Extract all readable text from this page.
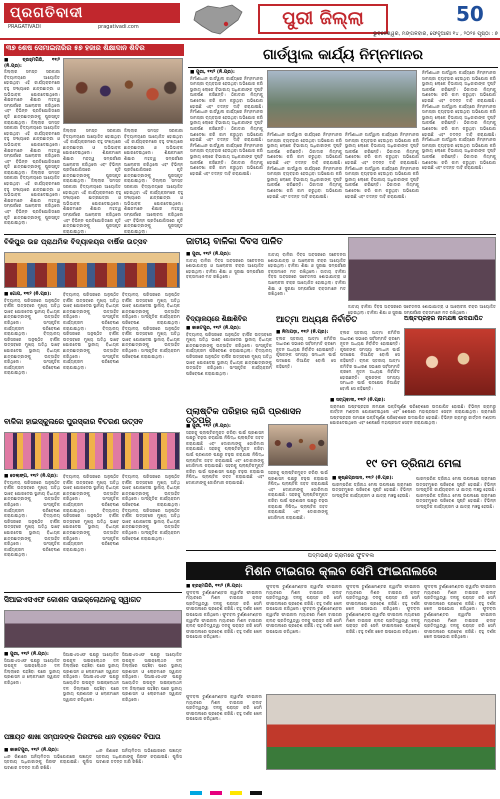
ପ୍ରଗତିବାଦୀ
PRAGATIVADI	pragativadi.com	ପୁରୀ ଜିଲ୍ଲା	50
ଭୁବନେଶ୍ୱର, ମଙ୍ଗଳବାର, ଫେବୃଆରୀ ୧୪ , ୨୦୨୫ ପୃଷ୍ଠା : ୭
୩୭ ଶେଷ ସେମାଇନାରିର ୫୭ ହଜାର ଶିକ୍ଷାଦାନ ଶିବିର
■ ବ୍ରହ୍ମଗିରି, ୧୧ା୨ (ନି.ପ୍ର):
ଜିଲ୍ଲାର ସମସ୍ତ ସରକାରୀ ବିଦ୍ୟାଳୟରେ ଆୟୋଜିତ ହୋଇଥିବା ଏହି କାର୍ଯ୍ୟକ୍ରମରେ ବହୁ ସଂଖ୍ୟାରେ ଛାତ୍ରଛାତ୍ରୀ ଓ ଅଭିଭାବକ ଯୋଗଦେଇଥିଲେ। ଶିକ୍ଷକମାନେ ଶିକ୍ଷାର ମହତ୍ୱ ସମ୍ପର୍କରେ ଆଲୋଚନା କରିଥିଲେ ଏବଂ ବିଭିନ୍ନ ପ୍ରତିଯୋଗିତାରେ କୃତି ଛାତ୍ରଛାତ୍ରୀଙ୍କୁ ପୁରସ୍କୃତ କରାଯାଇଥିଲା। ଜିଲ୍ଲାର ସମସ୍ତ ସରକାରୀ ବିଦ୍ୟାଳୟରେ ଆୟୋଜିତ ହୋଇଥିବା ଏହି କାର୍ଯ୍ୟକ୍ରମରେ ବହୁ ସଂଖ୍ୟାରେ ଛାତ୍ରଛାତ୍ରୀ ଓ ଅଭିଭାବକ ଯୋଗଦେଇଥିଲେ। ଶିକ୍ଷକମାନେ ଶିକ୍ଷାର ମହତ୍ୱ ସମ୍ପର୍କରେ ଆଲୋଚନା କରିଥିଲେ ଏବଂ ବିଭିନ୍ନ ପ୍ରତିଯୋଗିତାରେ କୃତି ଛାତ୍ରଛାତ୍ରୀଙ୍କୁ ପୁରସ୍କୃତ କରାଯାଇଥିଲା। ଜିଲ୍ଲାର ସମସ୍ତ ସରକାରୀ ବିଦ୍ୟାଳୟରେ ଆୟୋଜିତ ହୋଇଥିବା ଏହି କାର୍ଯ୍ୟକ୍ରମରେ ବହୁ ସଂଖ୍ୟାରେ ଛାତ୍ରଛାତ୍ରୀ ଓ ଅଭିଭାବକ ଯୋଗଦେଇଥିଲେ। ଶିକ୍ଷକମାନେ ଶିକ୍ଷାର ମହତ୍ୱ ସମ୍ପର୍କରେ ଆଲୋଚନା କରିଥିଲେ ଏବଂ ବିଭିନ୍ନ ପ୍ରତିଯୋଗିତାରେ କୃତି ଛାତ୍ରଛାତ୍ରୀଙ୍କୁ ପୁରସ୍କୃତ କରାଯାଇଥିଲା।
ଜିଲ୍ଲାର ସମସ୍ତ ସରକାରୀ ବିଦ୍ୟାଳୟରେ ଆୟୋଜିତ ହୋଇଥିବା ଏହି କାର୍ଯ୍ୟକ୍ରମରେ ବହୁ ସଂଖ୍ୟାରେ ଛାତ୍ରଛାତ୍ରୀ ଓ ଅଭିଭାବକ ଯୋଗଦେଇଥିଲେ। ଶିକ୍ଷକମାନେ ଶିକ୍ଷାର ମହତ୍ୱ ସମ୍ପର୍କରେ ଆଲୋଚନା କରିଥିଲେ ଏବଂ ବିଭିନ୍ନ ପ୍ରତିଯୋଗିତାରେ କୃତି ଛାତ୍ରଛାତ୍ରୀଙ୍କୁ ପୁରସ୍କୃତ କରାଯାଇଥିଲା। ଜିଲ୍ଲାର ସମସ୍ତ ସରକାରୀ ବିଦ୍ୟାଳୟରେ ଆୟୋଜିତ ହୋଇଥିବା ଏହି କାର୍ଯ୍ୟକ୍ରମରେ ବହୁ ସଂଖ୍ୟାରେ ଛାତ୍ରଛାତ୍ରୀ ଓ ଅଭିଭାବକ ଯୋଗଦେଇଥିଲେ। ଶିକ୍ଷକମାନେ ଶିକ୍ଷାର ମହତ୍ୱ ସମ୍ପର୍କରେ ଆଲୋଚନା କରିଥିଲେ ଏବଂ ବିଭିନ୍ନ ପ୍ରତିଯୋଗିତାରେ କୃତି ଛାତ୍ରଛାତ୍ରୀଙ୍କୁ ପୁରସ୍କୃତ କରାଯାଇଥିଲା।
ଜିଲ୍ଲାର ସମସ୍ତ ସରକାରୀ ବିଦ୍ୟାଳୟରେ ଆୟୋଜିତ ହୋଇଥିବା ଏହି କାର୍ଯ୍ୟକ୍ରମରେ ବହୁ ସଂଖ୍ୟାରେ ଛାତ୍ରଛାତ୍ରୀ ଓ ଅଭିଭାବକ ଯୋଗଦେଇଥିଲେ। ଶିକ୍ଷକମାନେ ଶିକ୍ଷାର ମହତ୍ୱ ସମ୍ପର୍କରେ ଆଲୋଚନା କରିଥିଲେ ଏବଂ ବିଭିନ୍ନ ପ୍ରତିଯୋଗିତାରେ କୃତି ଛାତ୍ରଛାତ୍ରୀଙ୍କୁ ପୁରସ୍କୃତ କରାଯାଇଥିଲା। ଜିଲ୍ଲାର ସମସ୍ତ ସରକାରୀ ବିଦ୍ୟାଳୟରେ ଆୟୋଜିତ ହୋଇଥିବା ଏହି କାର୍ଯ୍ୟକ୍ରମରେ ବହୁ ସଂଖ୍ୟାରେ ଛାତ୍ରଛାତ୍ରୀ ଓ ଅଭିଭାବକ ଯୋଗଦେଇଥିଲେ। ଶିକ୍ଷକମାନେ ଶିକ୍ଷାର ମହତ୍ୱ ସମ୍ପର୍କରେ ଆଲୋଚନା କରିଥିଲେ ଏବଂ ବିଭିନ୍ନ ପ୍ରତିଯୋଗିତାରେ କୃତି ଛାତ୍ରଛାତ୍ରୀଙ୍କୁ ପୁରସ୍କୃତ କରାଯାଇଥିଲା।
ଗାର୍ଡୱାଲ କାର୍ଯ୍ୟ ନିମ୍ନମାନର
■ ପୁରୀ, ୧୧ା୨ (ନି.ପ୍ର):
ନିର୍ମାଣାଧୀନ ଗାର୍ଡୱାଲ କାର୍ଯ୍ୟରେ ନିମ୍ନମାନର ସାମଗ୍ରୀ ବ୍ୟବହାର ହେଉଥିବା ଅଭିଯୋଗ କରି ସ୍ଥାନୀୟ ଲୋକେ ବିଭାଗୀୟ ଅଧିକାରୀଙ୍କ ଦୃଷ୍ଟି ଆକର୍ଷଣ କରିଛନ୍ତି। ଠିକାଦାର ନିୟମକୁ ଅଣଦେଖା କରି କାମ କରୁଥିବା ଅଭିଯୋଗ ହୋଇଛି ଏବଂ ତଦନ୍ତ ଦାବି କରାଯାଇଛି। ନିର୍ମାଣାଧୀନ ଗାର୍ଡୱାଲ କାର୍ଯ୍ୟରେ ନିମ୍ନମାନର ସାମଗ୍ରୀ ବ୍ୟବହାର ହେଉଥିବା ଅଭିଯୋଗ କରି ସ୍ଥାନୀୟ ଲୋକେ ବିଭାଗୀୟ ଅଧିକାରୀଙ୍କ ଦୃଷ୍ଟି ଆକର୍ଷଣ କରିଛନ୍ତି। ଠିକାଦାର ନିୟମକୁ ଅଣଦେଖା କରି କାମ କରୁଥିବା ଅଭିଯୋଗ ହୋଇଛି ଏବଂ ତଦନ୍ତ ଦାବି କରାଯାଇଛି। ନିର୍ମାଣାଧୀନ ଗାର୍ଡୱାଲ କାର୍ଯ୍ୟରେ ନିମ୍ନମାନର ସାମଗ୍ରୀ ବ୍ୟବହାର ହେଉଥିବା ଅଭିଯୋଗ କରି ସ୍ଥାନୀୟ ଲୋକେ ବିଭାଗୀୟ ଅଧିକାରୀଙ୍କ ଦୃଷ୍ଟି ଆକର୍ଷଣ କରିଛନ୍ତି। ଠିକାଦାର ନିୟମକୁ ଅଣଦେଖା କରି କାମ କରୁଥିବା ଅଭିଯୋଗ ହୋଇଛି ଏବଂ ତଦନ୍ତ ଦାବି କରାଯାଇଛି।
ନିର୍ମାଣାଧୀନ ଗାର୍ଡୱାଲ କାର୍ଯ୍ୟରେ ନିମ୍ନମାନର ସାମଗ୍ରୀ ବ୍ୟବହାର ହେଉଥିବା ଅଭିଯୋଗ କରି ସ୍ଥାନୀୟ ଲୋକେ ବିଭାଗୀୟ ଅଧିକାରୀଙ୍କ ଦୃଷ୍ଟି ଆକର୍ଷଣ କରିଛନ୍ତି। ଠିକାଦାର ନିୟମକୁ ଅଣଦେଖା କରି କାମ କରୁଥିବା ଅଭିଯୋଗ ହୋଇଛି ଏବଂ ତଦନ୍ତ ଦାବି କରାଯାଇଛି। ନିର୍ମାଣାଧୀନ ଗାର୍ଡୱାଲ କାର୍ଯ୍ୟରେ ନିମ୍ନମାନର ସାମଗ୍ରୀ ବ୍ୟବହାର ହେଉଥିବା ଅଭିଯୋଗ କରି ସ୍ଥାନୀୟ ଲୋକେ ବିଭାଗୀୟ ଅଧିକାରୀଙ୍କ ଦୃଷ୍ଟି ଆକର୍ଷଣ କରିଛନ୍ତି। ଠିକାଦାର ନିୟମକୁ ଅଣଦେଖା କରି କାମ କରୁଥିବା ଅଭିଯୋଗ ହୋଇଛି ଏବଂ ତଦନ୍ତ ଦାବି କରାଯାଇଛି।
ନିର୍ମାଣାଧୀନ ଗାର୍ଡୱାଲ କାର୍ଯ୍ୟରେ ନିମ୍ନମାନର ସାମଗ୍ରୀ ବ୍ୟବହାର ହେଉଥିବା ଅଭିଯୋଗ କରି ସ୍ଥାନୀୟ ଲୋକେ ବିଭାଗୀୟ ଅଧିକାରୀଙ୍କ ଦୃଷ୍ଟି ଆକର୍ଷଣ କରିଛନ୍ତି। ଠିକାଦାର ନିୟମକୁ ଅଣଦେଖା କରି କାମ କରୁଥିବା ଅଭିଯୋଗ ହୋଇଛି ଏବଂ ତଦନ୍ତ ଦାବି କରାଯାଇଛି। ନିର୍ମାଣାଧୀନ ଗାର୍ଡୱାଲ କାର୍ଯ୍ୟରେ ନିମ୍ନମାନର ସାମଗ୍ରୀ ବ୍ୟବହାର ହେଉଥିବା ଅଭିଯୋଗ କରି ସ୍ଥାନୀୟ ଲୋକେ ବିଭାଗୀୟ ଅଧିକାରୀଙ୍କ ଦୃଷ୍ଟି ଆକର୍ଷଣ କରିଛନ୍ତି। ଠିକାଦାର ନିୟମକୁ ଅଣଦେଖା କରି କାମ କରୁଥିବା ଅଭିଯୋଗ ହୋଇଛି ଏବଂ ତଦନ୍ତ ଦାବି କରାଯାଇଛି।
ନିର୍ମାଣାଧୀନ ଗାର୍ଡୱାଲ କାର୍ଯ୍ୟରେ ନିମ୍ନମାନର ସାମଗ୍ରୀ ବ୍ୟବହାର ହେଉଥିବା ଅଭିଯୋଗ କରି ସ୍ଥାନୀୟ ଲୋକେ ବିଭାଗୀୟ ଅଧିକାରୀଙ୍କ ଦୃଷ୍ଟି ଆକର୍ଷଣ କରିଛନ୍ତି। ଠିକାଦାର ନିୟମକୁ ଅଣଦେଖା କରି କାମ କରୁଥିବା ଅଭିଯୋଗ ହୋଇଛି ଏବଂ ତଦନ୍ତ ଦାବି କରାଯାଇଛି। ନିର୍ମାଣାଧୀନ ଗାର୍ଡୱାଲ କାର୍ଯ୍ୟରେ ନିମ୍ନମାନର ସାମଗ୍ରୀ ବ୍ୟବହାର ହେଉଥିବା ଅଭିଯୋଗ କରି ସ୍ଥାନୀୟ ଲୋକେ ବିଭାଗୀୟ ଅଧିକାରୀଙ୍କ ଦୃଷ୍ଟି ଆକର୍ଷଣ କରିଛନ୍ତି। ଠିକାଦାର ନିୟମକୁ ଅଣଦେଖା କରି କାମ କରୁଥିବା ଅଭିଯୋଗ ହୋଇଛି ଏବଂ ତଦନ୍ତ ଦାବି କରାଯାଇଛି। ନିର୍ମାଣାଧୀନ ଗାର୍ଡୱାଲ କାର୍ଯ୍ୟରେ ନିମ୍ନମାନର ସାମଗ୍ରୀ ବ୍ୟବହାର ହେଉଥିବା ଅଭିଯୋଗ କରି ସ୍ଥାନୀୟ ଲୋକେ ବିଭାଗୀୟ ଅଧିକାରୀଙ୍କ ଦୃଷ୍ଟି ଆକର୍ଷଣ କରିଛନ୍ତି। ଠିକାଦାର ନିୟମକୁ ଅଣଦେଖା କରି କାମ କରୁଥିବା ଅଭିଯୋଗ ହୋଇଛି ଏବଂ ତଦନ୍ତ ଦାବି କରାଯାଇଛି।
ବିକିପୁର ଉଚ୍ଚ ପ୍ରାଥମିକ ବିଦ୍ୟାଳୟର ବାର୍ଷିକ ଉତ୍ସବ
■ ଗୋପ, ୧୧ା୨ (ନି.ପ୍ର):
ବିଦ୍ୟାଳୟ ପରିସରରେ ଅନୁଷ୍ଠିତ ବାର୍ଷିକ ଉତ୍ସବରେ ମୁଖ୍ୟ ଅତିଥି ଭାବେ ଯୋଗଦେଇ ସ୍ଥାନୀୟ ବିଧାୟକ ଛାତ୍ରଛାତ୍ରୀଙ୍କୁ ଉତ୍ସାହିତ କରିଥିଲେ। ସାଂସ୍କୃତିକ କାର୍ଯ୍ୟକ୍ରମ ପରିବେଷଣ କରାଯାଇଥିଲା।	ବିଦ୍ୟାଳୟ ପରିସରରେ ଅନୁଷ୍ଠିତ ବାର୍ଷିକ ଉତ୍ସବରେ ମୁଖ୍ୟ ଅତିଥି ଭାବେ ଯୋଗଦେଇ ସ୍ଥାନୀୟ ବିଧାୟକ ଛାତ୍ରଛାତ୍ରୀଙ୍କୁ ଉତ୍ସାହିତ କରିଥିଲେ। ସାଂସ୍କୃତିକ କାର୍ଯ୍ୟକ୍ରମ ପରିବେଷଣ କରାଯାଇଥିଲା।
ବିଦ୍ୟାଳୟ ପରିସରରେ ଅନୁଷ୍ଠିତ ବାର୍ଷିକ ଉତ୍ସବରେ ମୁଖ୍ୟ ଅତିଥି ଭାବେ ଯୋଗଦେଇ ସ୍ଥାନୀୟ ବିଧାୟକ ଛାତ୍ରଛାତ୍ରୀଙ୍କୁ ଉତ୍ସାହିତ କରିଥିଲେ। ସାଂସ୍କୃତିକ କାର୍ଯ୍ୟକ୍ରମ ପରିବେଷଣ କରାଯାଇଥିଲା।	ବିଦ୍ୟାଳୟ ପରିସରରେ ଅନୁଷ୍ଠିତ ବାର୍ଷିକ ଉତ୍ସବରେ ମୁଖ୍ୟ ଅତିଥି ଭାବେ ଯୋଗଦେଇ ସ୍ଥାନୀୟ ବିଧାୟକ ଛାତ୍ରଛାତ୍ରୀଙ୍କୁ ଉତ୍ସାହିତ କରିଥିଲେ। ସାଂସ୍କୃତିକ କାର୍ଯ୍ୟକ୍ରମ ପରିବେଷଣ କରାଯାଇଥିଲା।
ବିଦ୍ୟାଳୟ ପରିସରରେ ଅନୁଷ୍ଠିତ ବାର୍ଷିକ ଉତ୍ସବରେ ମୁଖ୍ୟ ଅତିଥି ଭାବେ ଯୋଗଦେଇ ସ୍ଥାନୀୟ ବିଧାୟକ ଛାତ୍ରଛାତ୍ରୀଙ୍କୁ ଉତ୍ସାହିତ କରିଥିଲେ। ସାଂସ୍କୃତିକ କାର୍ଯ୍ୟକ୍ରମ ପରିବେଷଣ କରାଯାଇଥିଲା। ବିଦ୍ୟାଳୟ ପରିସରରେ ଅନୁଷ୍ଠିତ ବାର୍ଷିକ ଉତ୍ସବରେ ମୁଖ୍ୟ ଅତିଥି ଭାବେ ଯୋଗଦେଇ ସ୍ଥାନୀୟ ବିଧାୟକ ଛାତ୍ରଛାତ୍ରୀଙ୍କୁ ଉତ୍ସାହିତ କରିଥିଲେ। ସାଂସ୍କୃତିକ କାର୍ଯ୍ୟକ୍ରମ ପରିବେଷଣ କରାଯାଇଥିଲା।
ବାଳିକା ହାଇସ୍କୁଲରେ ପୁରସ୍କାର ବିତରଣ ଉତ୍ସବ
■ ଡେଲାଙ୍ଗ, ୧୧ା୨ (ନି.ପ୍ର):
ବିଦ୍ୟାଳୟ ପରିସରରେ ଅନୁଷ୍ଠିତ ବାର୍ଷିକ ଉତ୍ସବରେ ମୁଖ୍ୟ ଅତିଥି ଭାବେ ଯୋଗଦେଇ ସ୍ଥାନୀୟ ବିଧାୟକ ଛାତ୍ରଛାତ୍ରୀଙ୍କୁ ଉତ୍ସାହିତ କରିଥିଲେ। ସାଂସ୍କୃତିକ କାର୍ଯ୍ୟକ୍ରମ ପରିବେଷଣ କରାଯାଇଥିଲା।	ବିଦ୍ୟାଳୟ ପରିସରରେ ଅନୁଷ୍ଠିତ ବାର୍ଷିକ ଉତ୍ସବରେ ମୁଖ୍ୟ ଅତିଥି ଭାବେ ଯୋଗଦେଇ ସ୍ଥାନୀୟ ବିଧାୟକ ଛାତ୍ରଛାତ୍ରୀଙ୍କୁ ଉତ୍ସାହିତ କରିଥିଲେ। ସାଂସ୍କୃତିକ କାର୍ଯ୍ୟକ୍ରମ ପରିବେଷଣ କରାଯାଇଥିଲା।
ବିଦ୍ୟାଳୟ ପରିସରରେ ଅନୁଷ୍ଠିତ ବାର୍ଷିକ ଉତ୍ସବରେ ମୁଖ୍ୟ ଅତିଥି ଭାବେ ଯୋଗଦେଇ ସ୍ଥାନୀୟ ବିଧାୟକ ଛାତ୍ରଛାତ୍ରୀଙ୍କୁ ଉତ୍ସାହିତ କରିଥିଲେ। ସାଂସ୍କୃତିକ କାର୍ଯ୍ୟକ୍ରମ ପରିବେଷଣ କରାଯାଇଥିଲା।	ବିଦ୍ୟାଳୟ ପରିସରରେ ଅନୁଷ୍ଠିତ ବାର୍ଷିକ ଉତ୍ସବରେ ମୁଖ୍ୟ ଅତିଥି ଭାବେ ଯୋଗଦେଇ ସ୍ଥାନୀୟ ବିଧାୟକ ଛାତ୍ରଛାତ୍ରୀଙ୍କୁ ଉତ୍ସାହିତ କରିଥିଲେ। ସାଂସ୍କୃତିକ କାର୍ଯ୍ୟକ୍ରମ ପରିବେଷଣ କରାଯାଇଥିଲା।
ବିଦ୍ୟାଳୟ ପରିସରରେ ଅନୁଷ୍ଠିତ ବାର୍ଷିକ ଉତ୍ସବରେ ମୁଖ୍ୟ ଅତିଥି ଭାବେ ଯୋଗଦେଇ ସ୍ଥାନୀୟ ବିଧାୟକ ଛାତ୍ରଛାତ୍ରୀଙ୍କୁ ଉତ୍ସାହିତ କରିଥିଲେ। ସାଂସ୍କୃତିକ କାର୍ଯ୍ୟକ୍ରମ ପରିବେଷଣ କରାଯାଇଥିଲା। ବିଦ୍ୟାଳୟ ପରିସରରେ ଅନୁଷ୍ଠିତ ବାର୍ଷିକ ଉତ୍ସବରେ ମୁଖ୍ୟ ଅତିଥି ଭାବେ ଯୋଗଦେଇ ସ୍ଥାନୀୟ ବିଧାୟକ ଛାତ୍ରଛାତ୍ରୀଙ୍କୁ ଉତ୍ସାହିତ କରିଥିଲେ। ସାଂସ୍କୃତିକ କାର୍ଯ୍ୟକ୍ରମ ପରିବେଷଣ କରାଯାଇଥିଲା।
ଜାତୀୟ ବାଳିକା ଦିବସ ପାଳିତ
■ ପୁରୀ, ୧୧ା୨ (ନି.ପ୍ର):
ଜାତୀୟ ବାଳିକା ଦିବସ ଅବସରରେ ସଚେତନତା ଶୋଭାଯାତ୍ରା ଓ ଆଲୋଚନା ଚକ୍ର ଆୟୋଜିତ ହୋଇଥିଲା। ବାଳିକା ଶିକ୍ଷା ଓ ସୁରକ୍ଷା ସମ୍ପର୍କରେ ବକ୍ତାମାନେ ମତ ରଖିଥିଲେ।
ଜାତୀୟ ବାଳିକା ଦିବସ ଅବସରରେ ସଚେତନତା ଶୋଭାଯାତ୍ରା ଓ ଆଲୋଚନା ଚକ୍ର ଆୟୋଜିତ ହୋଇଥିଲା। ବାଳିକା ଶିକ୍ଷା ଓ ସୁରକ୍ଷା ସମ୍ପର୍କରେ ବକ୍ତାମାନେ ମତ ରଖିଥିଲେ। ଜାତୀୟ ବାଳିକା ଦିବସ ଅବସରରେ ସଚେତନତା ଶୋଭାଯାତ୍ରା ଓ ଆଲୋଚନା ଚକ୍ର ଆୟୋଜିତ ହୋଇଥିଲା। ବାଳିକା ଶିକ୍ଷା ଓ ସୁରକ୍ଷା ସମ୍ପର୍କରେ ବକ୍ତାମାନେ ମତ ରଖିଥିଲେ।
ଜାତୀୟ ବାଳିକା ଦିବସ ଅବସରରେ ସଚେତନତା ଶୋଭାଯାତ୍ରା ଓ ଆଲୋଚନା ଚକ୍ର ଆୟୋଜିତ ହୋଇଥିଲା। ବାଳିକା ଶିକ୍ଷା ଓ ସୁରକ୍ଷା ସମ୍ପର୍କରେ ବକ୍ତାମାନେ ମତ ରଖିଥିଲେ।
ବିଦ୍ୟାଳୟରେ ଶିକ୍ଷାଶିବିର
■ କାକଟପୁର, ୧୧ା୨ (ନି.ପ୍ର):
ବିଦ୍ୟାଳୟ ପରିସରରେ ଅନୁଷ୍ଠିତ ବାର୍ଷିକ ଉତ୍ସବରେ ମୁଖ୍ୟ ଅତିଥି ଭାବେ ଯୋଗଦେଇ ସ୍ଥାନୀୟ ବିଧାୟକ ଛାତ୍ରଛାତ୍ରୀଙ୍କୁ ଉତ୍ସାହିତ କରିଥିଲେ। ସାଂସ୍କୃତିକ କାର୍ଯ୍ୟକ୍ରମ ପରିବେଷଣ କରାଯାଇଥିଲା। ବିଦ୍ୟାଳୟ ପରିସରରେ ଅନୁଷ୍ଠିତ ବାର୍ଷିକ ଉତ୍ସବରେ ମୁଖ୍ୟ ଅତିଥି ଭାବେ ଯୋଗଦେଇ ସ୍ଥାନୀୟ ବିଧାୟକ ଛାତ୍ରଛାତ୍ରୀଙ୍କୁ ଉତ୍ସାହିତ କରିଥିଲେ। ସାଂସ୍କୃତିକ କାର୍ଯ୍ୟକ୍ରମ ପରିବେଷଣ କରାଯାଇଥିଲା।
ଆତ୍ମା ଅଧ୍ୟକ୍ଷ ନିର୍ବାଚିତ
■ ନିମାପଡ଼ା, ୧୧ା୨ (ନି.ପ୍ର):
ବ୍ଲକ ସ୍ତରୀୟ ଆତ୍ମା କମିଟିର ସାଧାରଣ ସଭାରେ ସର୍ବସମ୍ମତି କ୍ରମେ ନୂତନ ଅଧ୍ୟକ୍ଷ ନିର୍ବାଚିତ ହୋଇଛନ୍ତି। କୃଷକଙ୍କ ସମସ୍ୟା ସମାଧାନ ପାଇଁ ପଦକ୍ଷେପ ନିଆଯିବ ବୋଲି ସେ କହିଛନ୍ତି।
ବ୍ଲକ ସ୍ତରୀୟ ଆତ୍ମା କମିଟିର ସାଧାରଣ ସଭାରେ ସର୍ବସମ୍ମତି କ୍ରମେ ନୂତନ ଅଧ୍ୟକ୍ଷ ନିର୍ବାଚିତ ହୋଇଛନ୍ତି। କୃଷକଙ୍କ ସମସ୍ୟା ସମାଧାନ ପାଇଁ ପଦକ୍ଷେପ ନିଆଯିବ ବୋଲି ସେ କହିଛନ୍ତି। ବ୍ଲକ ସ୍ତରୀୟ ଆତ୍ମା କମିଟିର ସାଧାରଣ ସଭାରେ ସର୍ବସମ୍ମତି କ୍ରମେ ନୂତନ ଅଧ୍ୟକ୍ଷ ନିର୍ବାଚିତ ହୋଇଛନ୍ତି। କୃଷକଙ୍କ ସମସ୍ୟା ସମାଧାନ ପାଇଁ ପଦକ୍ଷେପ ନିଆଯିବ ବୋଲି ସେ କହିଛନ୍ତି।
ଅଷ୍ଟପ୍ରହର ନାମଯଜ୍ଞ ଉଦଯାପିତ
■ ସତ୍ୟବାଦୀ, ୧୧ା୨ (ନି.ପ୍ର):
ଗ୍ରାମରେ ଅଷ୍ଟପ୍ରହର ନାମଯଜ୍ଞ ଭକ୍ତିପୂର୍ଣ୍ଣ ପରିବେଶରେ ଉଦଯାପିତ ହୋଇଛି। ବିଭିନ୍ନ ଗ୍ରାମରୁ କୀର୍ତ୍ତନ ମଣ୍ଡଳୀ ଯୋଗଦେଇଥିଲେ ଏବଂ ଶେଷରେ ମହାପ୍ରସାଦ ସେବନ କରାଯାଇଥିଲା। ଗ୍ରାମରେ ଅଷ୍ଟପ୍ରହର ନାମଯଜ୍ଞ ଭକ୍ତିପୂର୍ଣ୍ଣ ପରିବେଶରେ ଉଦଯାପିତ ହୋଇଛି। ବିଭିନ୍ନ ଗ୍ରାମରୁ କୀର୍ତ୍ତନ ମଣ୍ଡଳୀ ଯୋଗଦେଇଥିଲେ ଏବଂ ଶେଷରେ ମହାପ୍ରସାଦ ସେବନ କରାଯାଇଥିଲା।
ପ୍ଲାଷ୍ଟିକ ପରିହାର ଲାଗି ପ୍ରଶାସନ ତତ୍ପର
■ ପୁରୀ, ୧୧ା୨ (ନି.ପ୍ର):
ସହରକୁ ପ୍ଲାଷ୍ଟିକମୁକ୍ତ କରିବା ପାଇଁ ପ୍ରଶାସନ ପକ୍ଷରୁ ଚଢ଼ଉ କରାଯାଇ ନିଷିଦ୍ଧ ପ୍ଲାଷ୍ଟିକ ଜବତ କରାଯାଇଛି ଏବଂ ଦୋକାନୀଙ୍କୁ ଜୋରିମାନା କରାଯାଇଛି। ସହରକୁ ପ୍ଲାଷ୍ଟିକମୁକ୍ତ କରିବା ପାଇଁ ପ୍ରଶାସନ ପକ୍ଷରୁ ଚଢ଼ଉ କରାଯାଇ ନିଷିଦ୍ଧ ପ୍ଲାଷ୍ଟିକ ଜବତ କରାଯାଇଛି ଏବଂ ଦୋକାନୀଙ୍କୁ ଜୋରିମାନା କରାଯାଇଛି। ସହରକୁ ପ୍ଲାଷ୍ଟିକମୁକ୍ତ କରିବା ପାଇଁ ପ୍ରଶାସନ ପକ୍ଷରୁ ଚଢ଼ଉ କରାଯାଇ ନିଷିଦ୍ଧ ପ୍ଲାଷ୍ଟିକ ଜବତ କରାଯାଇଛି ଏବଂ ଦୋକାନୀଙ୍କୁ ଜୋରିମାନା କରାଯାଇଛି।
ସହରକୁ ପ୍ଲାଷ୍ଟିକମୁକ୍ତ କରିବା ପାଇଁ ପ୍ରଶାସନ ପକ୍ଷରୁ ଚଢ଼ଉ କରାଯାଇ ନିଷିଦ୍ଧ ପ୍ଲାଷ୍ଟିକ ଜବତ କରାଯାଇଛି ଏବଂ ଦୋକାନୀଙ୍କୁ ଜୋରିମାନା କରାଯାଇଛି। ସହରକୁ ପ୍ଲାଷ୍ଟିକମୁକ୍ତ କରିବା ପାଇଁ ପ୍ରଶାସନ ପକ୍ଷରୁ ଚଢ଼ଉ କରାଯାଇ ନିଷିଦ୍ଧ ପ୍ଲାଷ୍ଟିକ ଜବତ କରାଯାଇଛି ଏବଂ ଦୋକାନୀଙ୍କୁ ଜୋରିମାନା କରାଯାଇଛି।
୧୯ ତମ ଡ୍ରିନାଥ ମେଳା
■ କୃଷ୍ଣପ୍ରସାଦ, ୧୧ା୨ (ନି.ପ୍ର):
ପାରମ୍ପରିକ ଡ୍ରିନାଥ ମେଳା ଉପଲକ୍ଷେ ଗ୍ରାମରେ ଉତ୍ସବମୁଖର ପରିବେଶ ସୃଷ୍ଟି ହୋଇଛି। ବିଭିନ୍ନ ସାଂସ୍କୃତିକ କାର୍ଯ୍ୟକ୍ରମ ଓ ଯାତ୍ରା ମଞ୍ଚସ୍ଥ ହେଉଛି।
ପାରମ୍ପରିକ ଡ୍ରିନାଥ ମେଳା ଉପଲକ୍ଷେ ଗ୍ରାମରେ ଉତ୍ସବମୁଖର ପରିବେଶ ସୃଷ୍ଟି ହୋଇଛି। ବିଭିନ୍ନ ସାଂସ୍କୃତିକ କାର୍ଯ୍ୟକ୍ରମ ଓ ଯାତ୍ରା ମଞ୍ଚସ୍ଥ ହେଉଛି। ପାରମ୍ପରିକ ଡ୍ରିନାଥ ମେଳା ଉପଲକ୍ଷେ ଗ୍ରାମରେ ଉତ୍ସବମୁଖର ପରିବେଶ ସୃଷ୍ଟି ହୋଇଛି। ବିଭିନ୍ନ ସାଂସ୍କୃତିକ କାର୍ଯ୍ୟକ୍ରମ ଓ ଯାତ୍ରା ମଞ୍ଚସ୍ଥ ହେଉଛି।
ସିଆଇଏସଏଫ କୋଶଳ ସାଇକ୍ଲୋଥନକୁ ସ୍ୱାଗତ
■ ପୁରୀ, ୧୧ା୨ (ନି.ପ୍ର):
ସିଆଇଏସଏଫ ପକ୍ଷରୁ ଆୟୋଜିତ ଉପକୂଳ ସାଇକ୍ଲୋଥନ ଦଳ ଜିଲ୍ଲାରେ ପହଞ୍ଚିବା ପରେ ସ୍ଥାନୀୟ ପ୍ରଶାସନ ଓ ଲୋକମାନେ ସ୍ୱାଗତ କରିଥିଲେ।
ସିଆଇଏସଏଫ ପକ୍ଷରୁ ଆୟୋଜିତ ଉପକୂଳ ସାଇକ୍ଲୋଥନ ଦଳ ଜିଲ୍ଲାରେ ପହଞ୍ଚିବା ପରେ ସ୍ଥାନୀୟ ପ୍ରଶାସନ ଓ ଲୋକମାନେ ସ୍ୱାଗତ କରିଥିଲେ। ସିଆଇଏସଏଫ ପକ୍ଷରୁ ଆୟୋଜିତ ଉପକୂଳ ସାଇକ୍ଲୋଥନ ଦଳ ଜିଲ୍ଲାରେ ପହଞ୍ଚିବା ପରେ ସ୍ଥାନୀୟ ପ୍ରଶାସନ ଓ ଲୋକମାନେ ସ୍ୱାଗତ କରିଥିଲେ।
ସିଆଇଏସଏଫ ପକ୍ଷରୁ ଆୟୋଜିତ ଉପକୂଳ ସାଇକ୍ଲୋଥନ ଦଳ ଜିଲ୍ଲାରେ ପହଞ୍ଚିବା ପରେ ସ୍ଥାନୀୟ ପ୍ରଶାସନ ଓ ଲୋକମାନେ ସ୍ୱାଗତ କରିଥିଲେ। ସିଆଇଏସଏଫ ପକ୍ଷରୁ ଆୟୋଜିତ ଉପକୂଳ ସାଇକ୍ଲୋଥନ ଦଳ ଜିଲ୍ଲାରେ ପହଞ୍ଚିବା ପରେ ସ୍ଥାନୀୟ ପ୍ରଶାସନ ଓ ଲୋକମାନେ ସ୍ୱାଗତ କରିଥିଲେ।
ପଦ୍ମଭଣ୍ଡ ଗ୍ରାମରେ ଫୁଟବଲ
ମିଶନ ଟାଇଗର କ୍ଲବ ସେମି ଫାଇନାଲରେ
■ ବ୍ରହ୍ମଗିରି, ୧୧ା୨ (ନି.ପ୍ର):
ଫୁଟବଲ ଟୁର୍ଣ୍ଣାମେଣ୍ଟର କ୍ୱାର୍ଟର ଫାଇନାଲ ମ୍ୟାଚରେ ମିଶନ ଟାଇଗର କ୍ଲବ ପ୍ରତିଦ୍ୱନ୍ଦ୍ୱୀ ଦଳକୁ ପରାସ୍ତ କରି ସେମି ଫାଇନାଲରେ ପ୍ରବେଶ କରିଛି। ବହୁ ଦର୍ଶକ ଖେଳ ଉପଭୋଗ କରିଥିଲେ। ଫୁଟବଲ ଟୁର୍ଣ୍ଣାମେଣ୍ଟର କ୍ୱାର୍ଟର ଫାଇନାଲ ମ୍ୟାଚରେ ମିଶନ ଟାଇଗର କ୍ଲବ ପ୍ରତିଦ୍ୱନ୍ଦ୍ୱୀ ଦଳକୁ ପରାସ୍ତ କରି ସେମି ଫାଇନାଲରେ ପ୍ରବେଶ କରିଛି। ବହୁ ଦର୍ଶକ ଖେଳ ଉପଭୋଗ କରିଥିଲେ।
ଫୁଟବଲ ଟୁର୍ଣ୍ଣାମେଣ୍ଟର କ୍ୱାର୍ଟର ଫାଇନାଲ ମ୍ୟାଚରେ ମିଶନ ଟାଇଗର କ୍ଲବ ପ୍ରତିଦ୍ୱନ୍ଦ୍ୱୀ ଦଳକୁ ପରାସ୍ତ କରି ସେମି ଫାଇନାଲରେ ପ୍ରବେଶ କରିଛି। ବହୁ ଦର୍ଶକ ଖେଳ ଉପଭୋଗ କରିଥିଲେ। ଫୁଟବଲ ଟୁର୍ଣ୍ଣାମେଣ୍ଟର କ୍ୱାର୍ଟର ଫାଇନାଲ ମ୍ୟାଚରେ ମିଶନ ଟାଇଗର କ୍ଲବ ପ୍ରତିଦ୍ୱନ୍ଦ୍ୱୀ ଦଳକୁ ପରାସ୍ତ କରି ସେମି ଫାଇନାଲରେ ପ୍ରବେଶ କରିଛି। ବହୁ ଦର୍ଶକ ଖେଳ ଉପଭୋଗ କରିଥିଲେ।
ଫୁଟବଲ ଟୁର୍ଣ୍ଣାମେଣ୍ଟର କ୍ୱାର୍ଟର ଫାଇନାଲ ମ୍ୟାଚରେ ମିଶନ ଟାଇଗର କ୍ଲବ ପ୍ରତିଦ୍ୱନ୍ଦ୍ୱୀ ଦଳକୁ ପରାସ୍ତ କରି ସେମି ଫାଇନାଲରେ ପ୍ରବେଶ କରିଛି। ବହୁ ଦର୍ଶକ ଖେଳ ଉପଭୋଗ କରିଥିଲେ। ଫୁଟବଲ ଟୁର୍ଣ୍ଣାମେଣ୍ଟର କ୍ୱାର୍ଟର ଫାଇନାଲ ମ୍ୟାଚରେ ମିଶନ ଟାଇଗର କ୍ଲବ ପ୍ରତିଦ୍ୱନ୍ଦ୍ୱୀ ଦଳକୁ ପରାସ୍ତ କରି ସେମି ଫାଇନାଲରେ ପ୍ରବେଶ କରିଛି। ବହୁ ଦର୍ଶକ ଖେଳ ଉପଭୋଗ କରିଥିଲେ।
ଫୁଟବଲ ଟୁର୍ଣ୍ଣାମେଣ୍ଟର କ୍ୱାର୍ଟର ଫାଇନାଲ ମ୍ୟାଚରେ ମିଶନ ଟାଇଗର କ୍ଲବ ପ୍ରତିଦ୍ୱନ୍ଦ୍ୱୀ ଦଳକୁ ପରାସ୍ତ କରି ସେମି ଫାଇନାଲରେ ପ୍ରବେଶ କରିଛି। ବହୁ ଦର୍ଶକ ଖେଳ ଉପଭୋଗ କରିଥିଲେ। ଫୁଟବଲ ଟୁର୍ଣ୍ଣାମେଣ୍ଟର କ୍ୱାର୍ଟର ଫାଇନାଲ ମ୍ୟାଚରେ ମିଶନ ଟାଇଗର କ୍ଲବ ପ୍ରତିଦ୍ୱନ୍ଦ୍ୱୀ ଦଳକୁ ପରାସ୍ତ କରି ସେମି ଫାଇନାଲରେ ପ୍ରବେଶ କରିଛି। ବହୁ ଦର୍ଶକ ଖେଳ ଉପଭୋଗ କରିଥିଲେ।
ଫୁଟବଲ ଟୁର୍ଣ୍ଣାମେଣ୍ଟର କ୍ୱାର୍ଟର ଫାଇନାଲ ମ୍ୟାଚରେ ମିଶନ ଟାଇଗର କ୍ଲବ ପ୍ରତିଦ୍ୱନ୍ଦ୍ୱୀ ଦଳକୁ ପରାସ୍ତ କରି ସେମି ଫାଇନାଲରେ ପ୍ରବେଶ କରିଛି। ବହୁ ଦର୍ଶକ ଖେଳ ଉପଭୋଗ କରିଥିଲେ।
ପଞ୍ଚାୟତ ଶାଖା ସମ୍ପାଦଙ୍କ ଗିରଫରେ ଧାନ ବ୍ରାକେଟ ବିଘାତା
■ କାକଟପୁର, ୧୧ା୨ (ନି.ପ୍ର):
ଧାନ କିଣାରେ ଅନିୟମିତତା ଅଭିଯୋଗରେ ପଞ୍ଚାୟତ ସ୍ତରୀୟ ଅଧିକାରୀଙ୍କୁ ଗିରଫ କରାଯାଇଛି। ପୁଲିସ ଘଟଣାର ତଦନ୍ତ ଜାରି ରଖିଛି।
ଧାନ କିଣାରେ ଅନିୟମିତତା ଅଭିଯୋଗରେ ପଞ୍ଚାୟତ ସ୍ତରୀୟ ଅଧିକାରୀଙ୍କୁ ଗିରଫ କରାଯାଇଛି। ପୁଲିସ ଘଟଣାର ତଦନ୍ତ ଜାରି ରଖିଛି।
